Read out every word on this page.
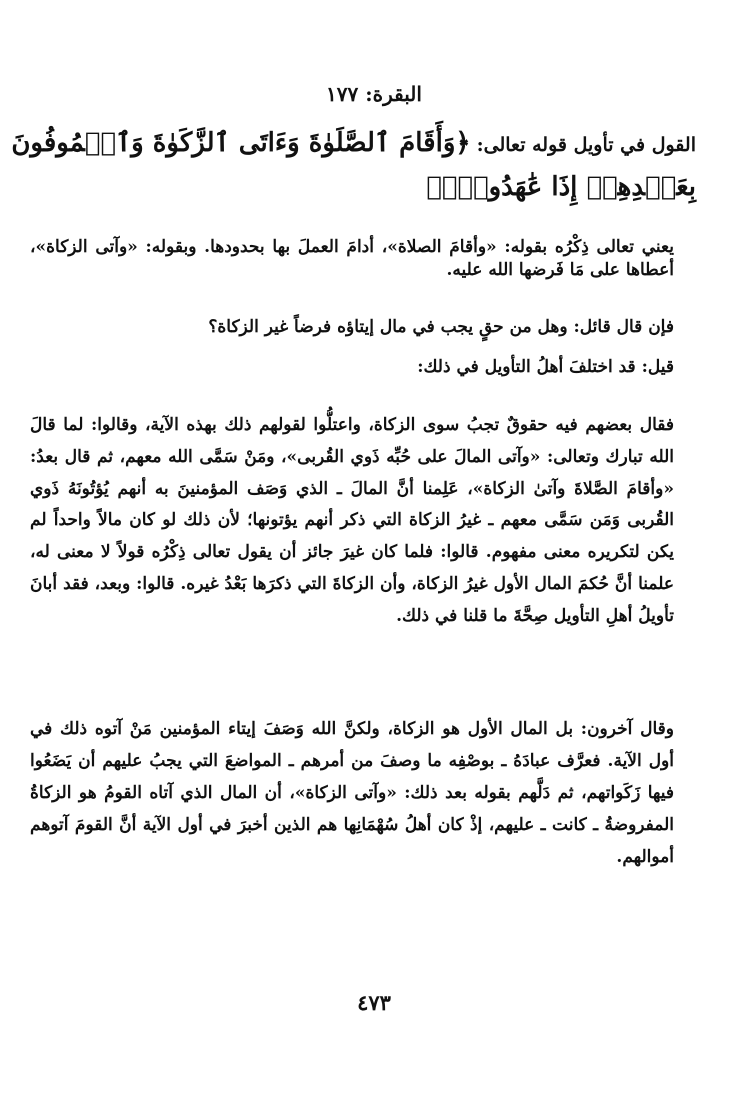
البقرة: ١٧٧
القول في تأويل قوله تعالى:
﴿وَأَقَامَ ٱلصَّلَوٰةَ وَءَاتَى ٱلزَّكَوٰةَ وَٱلۡمُوفُونَ
بِعَهۡدِهِمۡ إِذَا عَٰهَدُواْۖ﴾

يعني تعالى ذِكْرُه بقوله: «وأقامَ الصلاة»، أدامَ العملَ بها بحدودها. وبقوله: «وآتى الزكاة»، أعطاها على مَا فَرضها الله عليه.

فإن قال قائل: وهل من حقٍ يجب في مال إيتاؤه فرضاً غير الزكاة؟

قيل: قد اختلفَ أهلُ التأويل في ذلك:

فقال بعضهم فيه حقوقٌ تجبُ سوى الزكاة، واعتلُّوا لقولهم ذلك بهذه الآية، وقالوا: لما قالَ الله تبارك وتعالى: «وآتى المالَ على حُبِّه ذَوي القُربى»، ومَنْ سَمَّى الله معهم، ثم قال بعدُ: «وأقامَ الصَّلاةَ وآتىٰ الزكاة»، عَلِمنا أنَّ المالَ ـ الذي وَصَف المؤمنينَ به أنهم يُؤتُونَهُ ذَوي القُربى وَمَن سَمَّى معهم ـ غيرُ الزكاة التي ذكر أنهم يؤتونها؛ لأن ذلك لو كان مالاً واحداً لم يكن لتكريره معنى مفهوم. قالوا: فلما كان غيرَ جائز أن يقول تعالى ذِكْرُه قولاً لا معنى له، علمنا أنَّ حُكمَ المال الأول غيرُ الزكاة، وأن الزكاةَ التي ذكرَها بَعْدُ غيره. قالوا: وبعد، فقد أبانَ تأويلُ أهلِ التأويل صِحَّةَ ما قلنا في ذلك.

وقال آخرون: بل المال الأول هو الزكاة، ولكنَّ الله وَصَفَ إيتاء المؤمنين مَنْ آتوه ذلك في أول الآية. فعرَّف عبادَهُ ـ بوصْفِه ما وصفَ من أمرهم ـ المواضعَ التي يجبُ عليهم أن يَضَعُوا فيها زَكَواتهم، ثم دَلَّهم بقوله بعد ذلك: «وآتى الزكاة»، أن المال الذي آتاه القومُ هو الزكاةُ المفروضةُ ـ كانت ـ عليهم، إذْ كان أهلُ سُهْمَانِها هم الذين أخبرَ في أول الآية أنَّ القومَ آتوهم أموالهم.

٤٧٣
